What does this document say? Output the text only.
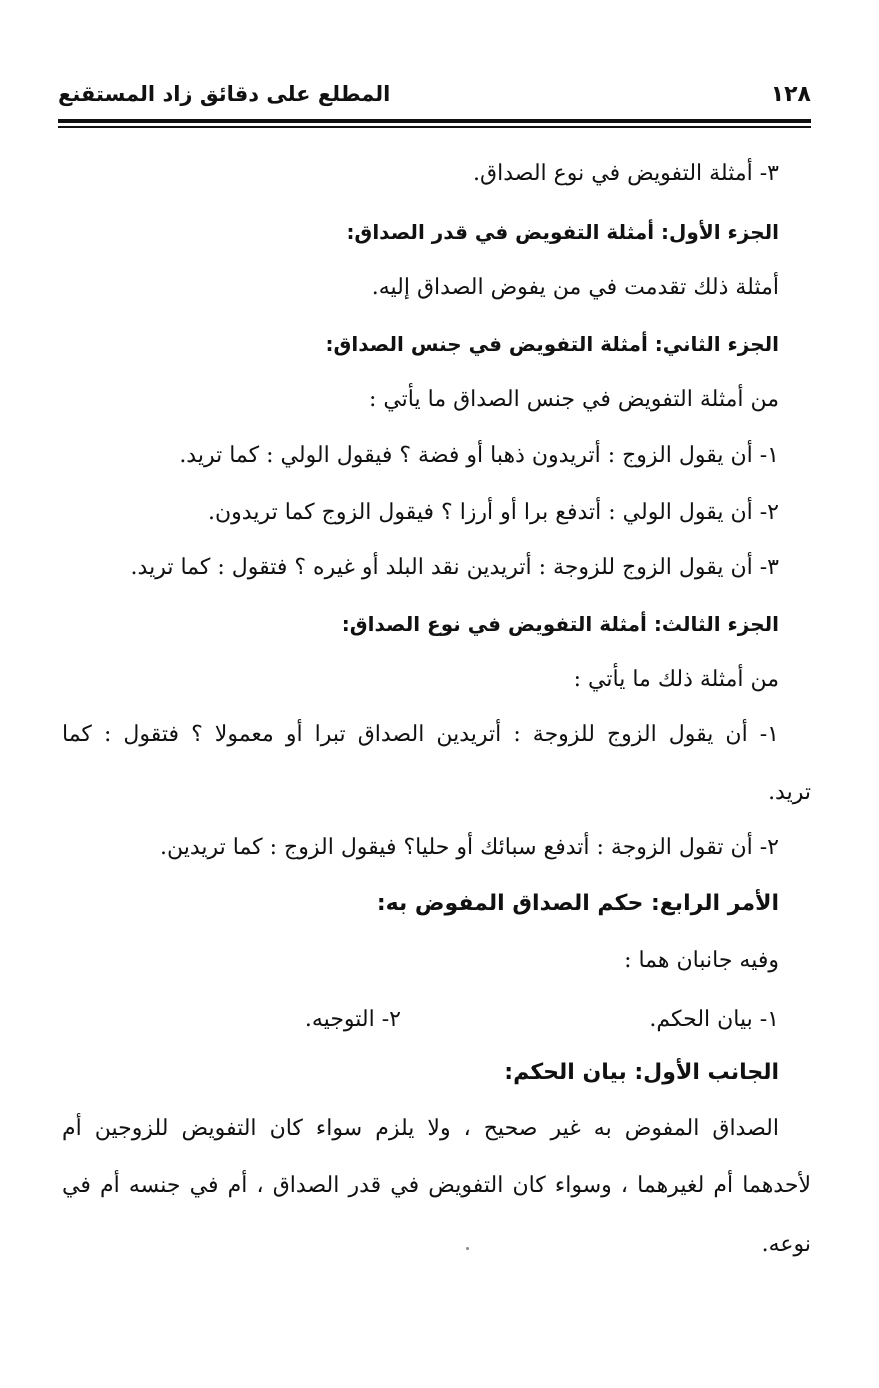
المطلع على دقائق زاد المستقنع	١٢٨
٣- أمثلة التفويض في نوع الصداق.
الجزء الأول: أمثلة التفويض في قدر الصداق:
أمثلة ذلك تقدمت في من يفوض الصداق إليه.
الجزء الثاني: أمثلة التفويض في جنس الصداق:
من أمثلة التفويض في جنس الصداق ما يأتي :
١- أن يقول الزوج : أتريدون ذهبا أو فضة ؟ فيقول الولي : كما تريد.
٢- أن يقول الولي : أتدفع برا أو أرزا ؟ فيقول الزوج كما تريدون.
٣- أن يقول الزوج للزوجة : أتريدين نقد البلد أو غيره ؟ فتقول : كما تريد.
الجزء الثالث: أمثلة التفويض في نوع الصداق:
من أمثلة ذلك ما يأتي :
١- أن يقول الزوج للزوجة : أتريدين الصداق تبرا أو معمولا ؟ فتقول : كما
تريد.
٢- أن تقول الزوجة : أتدفع سبائك أو حليا؟ فيقول الزوج : كما تريدين.
الأمر الرابع: حكم الصداق المفوض به:
وفيه جانبان هما :
١- بيان الحكم.
٢- التوجيه.
الجانب الأول: بيان الحكم:
الصداق المفوض به غير صحيح ، ولا يلزم سواء كان التفويض للزوجين أم
لأحدهما أم لغيرهما ، وسواء كان التفويض في قدر الصداق ، أم في جنسه أم في
نوعه.
